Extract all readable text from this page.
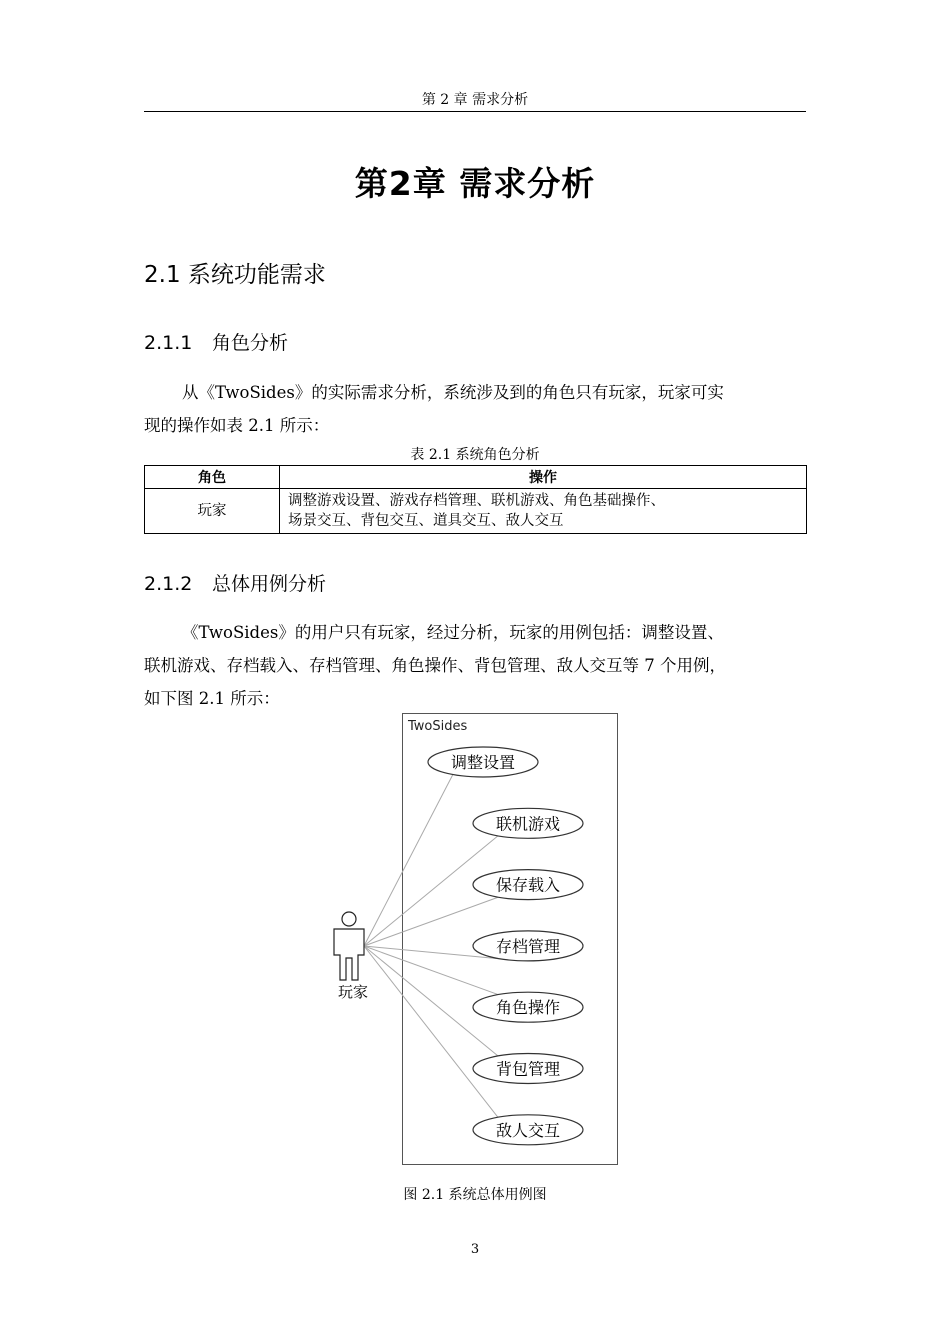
第 2 章 需求分析
第2章 需求分析
2.1 系统功能需求
2.1.1 角色分析
从《TwoSides》的实际需求分析，系统涉及到的角色只有玩家，玩家可实
现的操作如表 2.1 所示：
表 2.1 系统角色分析
角色	操作
玩家	调整游戏设置、游戏存档管理、联机游戏、角色基础操作、
场景交互、背包交互、道具交互、敌人交互
2.1.2 总体用例分析
《TwoSides》的用户只有玩家，经过分析，玩家的用例包括：调整设置、
联机游戏、存档载入、存档管理、角色操作、背包管理、敌人交互等 7 个用例，
如下图 2.1 所示：
TwoSides
玩家
调整设置
联机游戏
保存载入
存档管理
角色操作
背包管理
敌人交互
图 2.1 系统总体用例图
3
